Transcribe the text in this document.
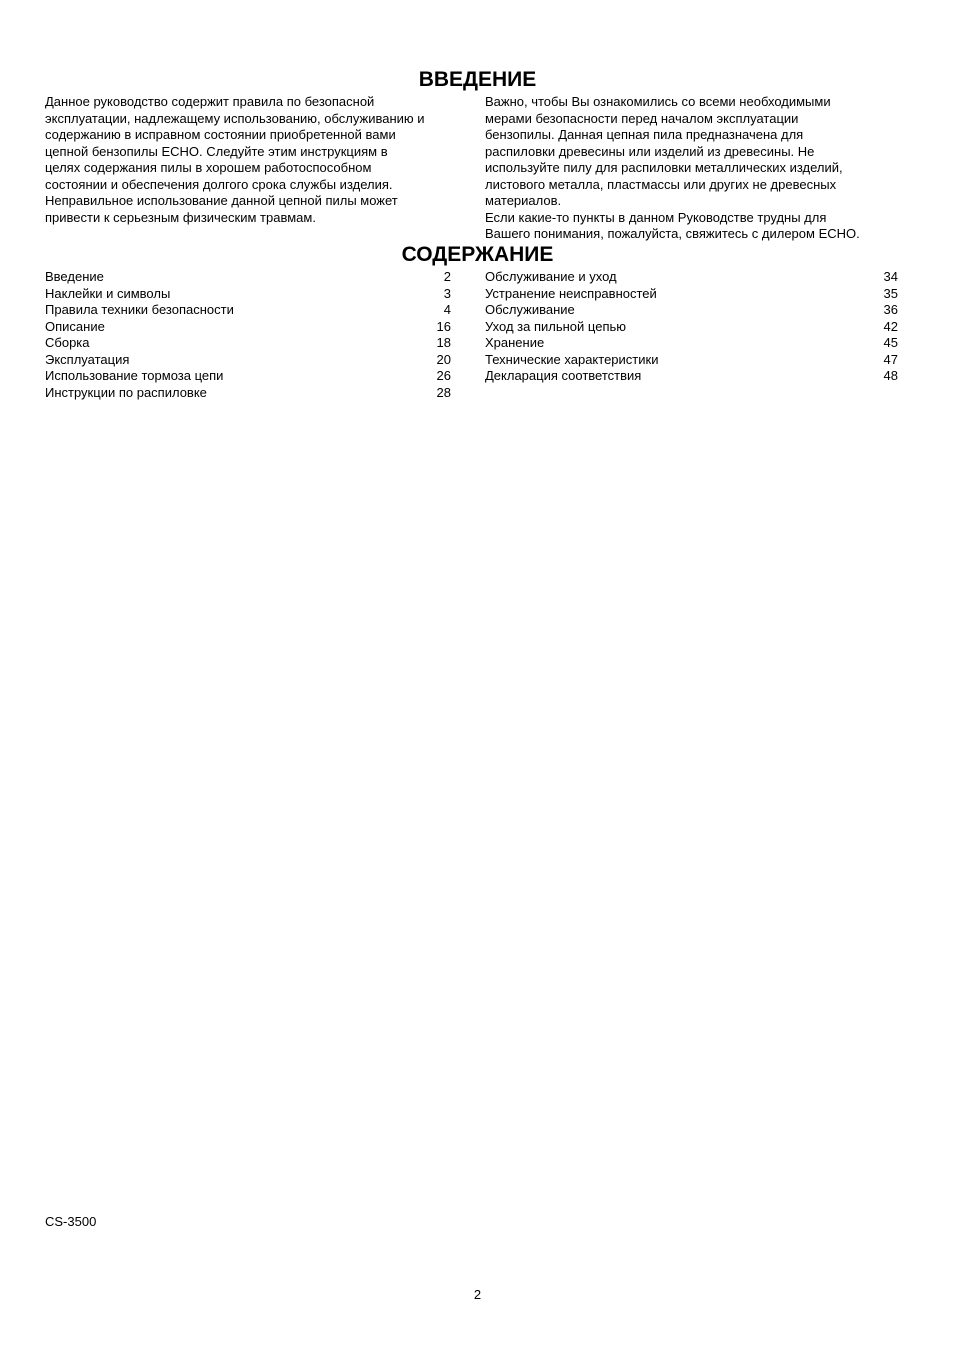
ВВЕДЕНИЕ

Данное руководство содержит правила по безопасной

эксплуатации, надлежащему использованию, обслуживанию и

содержанию в исправном состоянии приобретенной вами

цепной бензопилы ECHO. Следуйте этим инструкциям в

целях содержания пилы в хорошем работоспособном

состоянии и обеспечения долгого срока службы изделия.

Неправильное использование данной цепной пилы может

привести к серьезным физическим травмам.

Важно, чтобы Вы ознакомились со всеми необходимыми

мерами безопасности перед началом эксплуатации

бензопилы. Данная цепная пила предназначена для

распиловки древесины или изделий из древесины. Не

используйте пилу для распиловки металлических изделий,

листового металла, пластмассы или других не древесных

материалов.

Если какие-то пункты в данном Руководстве трудны для

Вашего понимания, пожалуйста, свяжитесь с дилером ECHO.

СОДЕРЖАНИЕ
Введение	2
Наклейки и символы	3
Правила техники безопасности	4
Описание	16
Сборка	18
Эксплуатация	20
Использование тормоза цепи	26
Инструкции по распиловке	28
Обслуживание и уход	34
Устранение неисправностей	35
Обслуживание	36
Уход за пильной цепью	42
Хранение	45
Технические характеристики	47
Декларация соответствия	48
CS-3500
2
